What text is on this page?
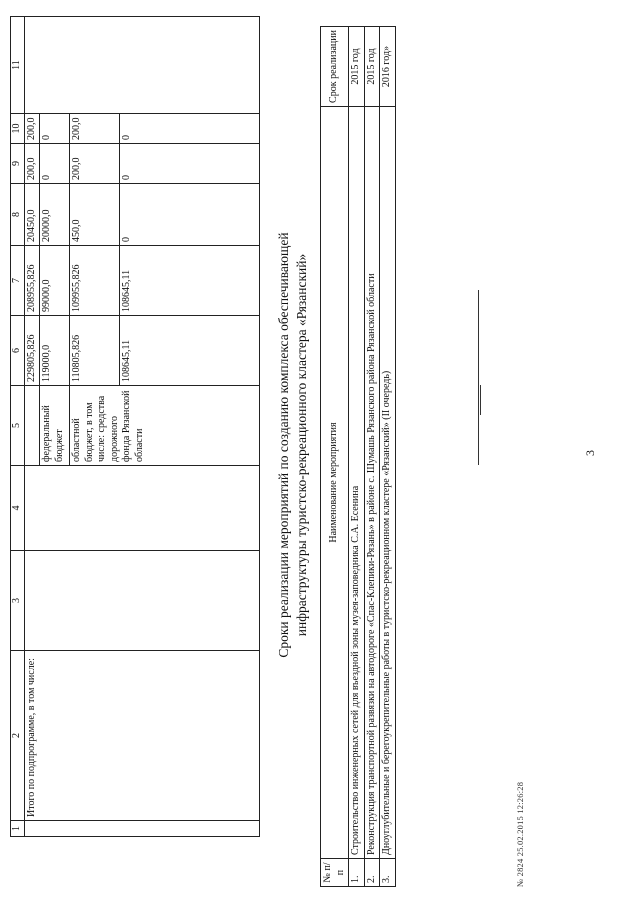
3
1	2	3	4	5	6	7	8	9	10	11
	Итого по подпрограмме, в том числе:				229805,826	208955,826	20450,0	200,0	200,0	
				федеральный бюджет	119000,0	99000,0	20000,0	0	0	
				областной бюджет, в том числе: средства дорожного фонда Рязанской области	110805,826	109955,826	450,0	200,0	200,0	
					108645,11	108645,11	0	0	0	
Сроки реализации мероприятий по созданию комплекса обеспечивающей инфраструктуры туристско-рекреационного кластера «Рязанский»
№ п/п	Наименование мероприятия	Срок реализации
1.	Строительство инженерных сетей для въездной зоны музея-заповедника С.А. Есенина	2015 год
2.	Реконструкция транспортной развязки на автодороге «Спас-Клепики-Рязань» в районе с. Шумашь Рязанского района Рязанской области	2015 год
3.	Дноуглубительные и берегоукрепительные работы в туристско-рекреационном кластере «Рязанский» (II очередь)	2016 год»
№ 2824 25.02.2015 12:26:28
